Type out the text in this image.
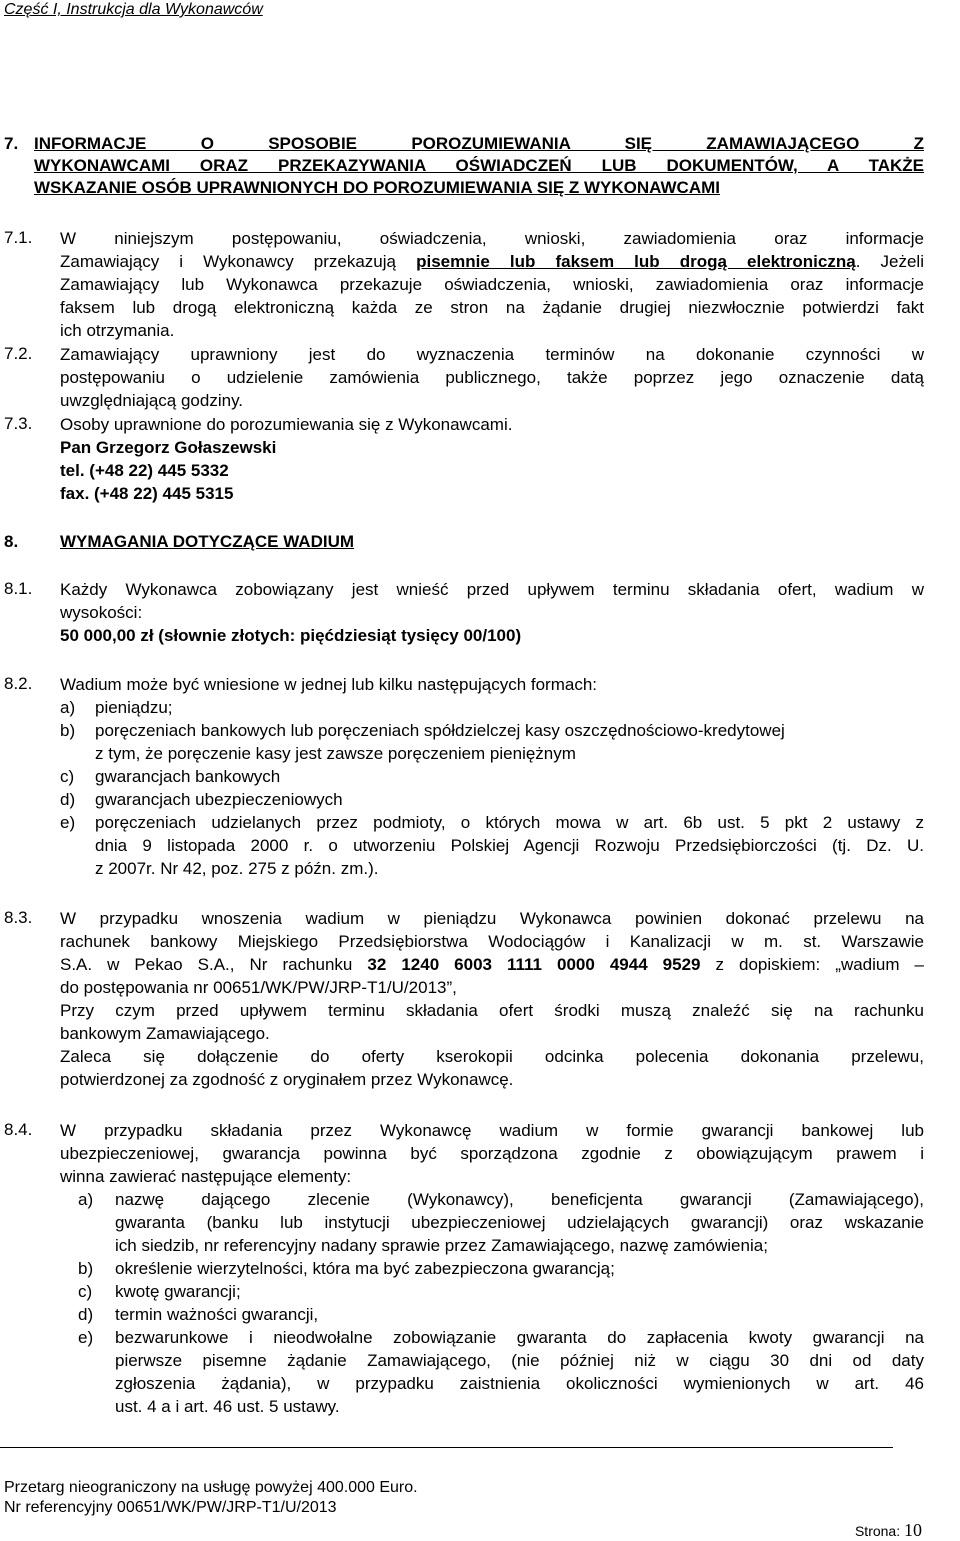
Część I, Instrukcja dla Wykonawców
7. INFORMACJE O SPOSOBIE POROZUMIEWANIA SIĘ ZAMAWIAJĄCEGO Z
WYKONAWCAMI ORAZ PRZEKAZYWANIA OŚWIADCZEŃ LUB DOKUMENTÓW, A TAKŻE
WSKAZANIE OSÓB UPRAWNIONYCH DO POROZUMIEWANIA SIĘ Z WYKONAWCAMI
7.1. W niniejszym postępowaniu, oświadczenia, wnioski, zawiadomienia oraz informacje
Zamawiający i Wykonawcy przekazują pisemnie lub faksem lub drogą elektroniczną. Jeżeli
Zamawiający lub Wykonawca przekazuje oświadczenia, wnioski, zawiadomienia oraz informacje
faksem lub drogą elektroniczną każda ze stron na żądanie drugiej niezwłocznie potwierdzi fakt
ich otrzymania.
7.2. Zamawiający uprawniony jest do wyznaczenia terminów na dokonanie czynności w
postępowaniu o udzielenie zamówienia publicznego, także poprzez jego oznaczenie datą
uwzględniającą godziny.
7.3. Osoby uprawnione do porozumiewania się z Wykonawcami.
Pan Grzegorz Gołaszewski
tel. (+48 22) 445 5332
fax. (+48 22) 445 5315
8. WYMAGANIA DOTYCZĄCE WADIUM
8.1. Każdy Wykonawca zobowiązany jest wnieść przed upływem terminu składania ofert, wadium w
wysokości:
50 000,00 zł (słownie złotych: pięćdziesiąt tysięcy 00/100)
8.2. Wadium może być wniesione w jednej lub kilku następujących formach:
a) pieniądzu;
b) poręczeniach bankowych lub poręczeniach spółdzielczej kasy oszczędnościowo-kredytowej
z tym, że poręczenie kasy jest zawsze poręczeniem pieniężnym
c) gwarancjach bankowych
d) gwarancjach ubezpieczeniowych
e) poręczeniach udzielanych przez podmioty, o których mowa w art. 6b ust. 5 pkt 2 ustawy z
dnia 9 listopada 2000 r. o utworzeniu Polskiej Agencji Rozwoju Przedsiębiorczości (tj. Dz. U.
z 2007r. Nr 42, poz. 275 z późn. zm.).
8.3. W przypadku wnoszenia wadium w pieniądzu Wykonawca powinien dokonać przelewu na
rachunek bankowy Miejskiego Przedsiębiorstwa Wodociągów i Kanalizacji w m. st. Warszawie
S.A. w Pekao S.A., Nr rachunku 32 1240 6003 1111 0000 4944 9529 z dopiskiem: „wadium –
do postępowania nr 00651/WK/PW/JRP-T1/U/2013”,
Przy czym przed upływem terminu składania ofert środki muszą znaleźć się na rachunku
bankowym Zamawiającego.
Zaleca się dołączenie do oferty kserokopii odcinka polecenia dokonania przelewu,
potwierdzonej za zgodność z oryginałem przez Wykonawcę.
8.4. W przypadku składania przez Wykonawcę wadium w formie gwarancji bankowej lub
ubezpieczeniowej, gwarancja powinna być sporządzona zgodnie z obowiązującym prawem i
winna zawierać następujące elementy:
a) nazwę dającego zlecenie (Wykonawcy), beneficjenta gwarancji (Zamawiającego),
gwaranta (banku lub instytucji ubezpieczeniowej udzielających gwarancji) oraz wskazanie
ich siedzib, nr referencyjny nadany sprawie przez Zamawiającego, nazwę zamówienia;
b) określenie wierzytelności, która ma być zabezpieczona gwarancją;
c) kwotę gwarancji;
d) termin ważności gwarancji,
e) bezwarunkowe i nieodwołalne zobowiązanie gwaranta do zapłacenia kwoty gwarancji na
pierwsze pisemne żądanie Zamawiającego, (nie później niż w ciągu 30 dni od daty
zgłoszenia żądania), w przypadku zaistnienia okoliczności wymienionych w art. 46
ust. 4 a i art. 46 ust. 5 ustawy.
Przetarg nieograniczony na usługę powyżej 400.000 Euro.
Nr referencyjny 00651/WK/PW/JRP-T1/U/2013
Strona: 10
